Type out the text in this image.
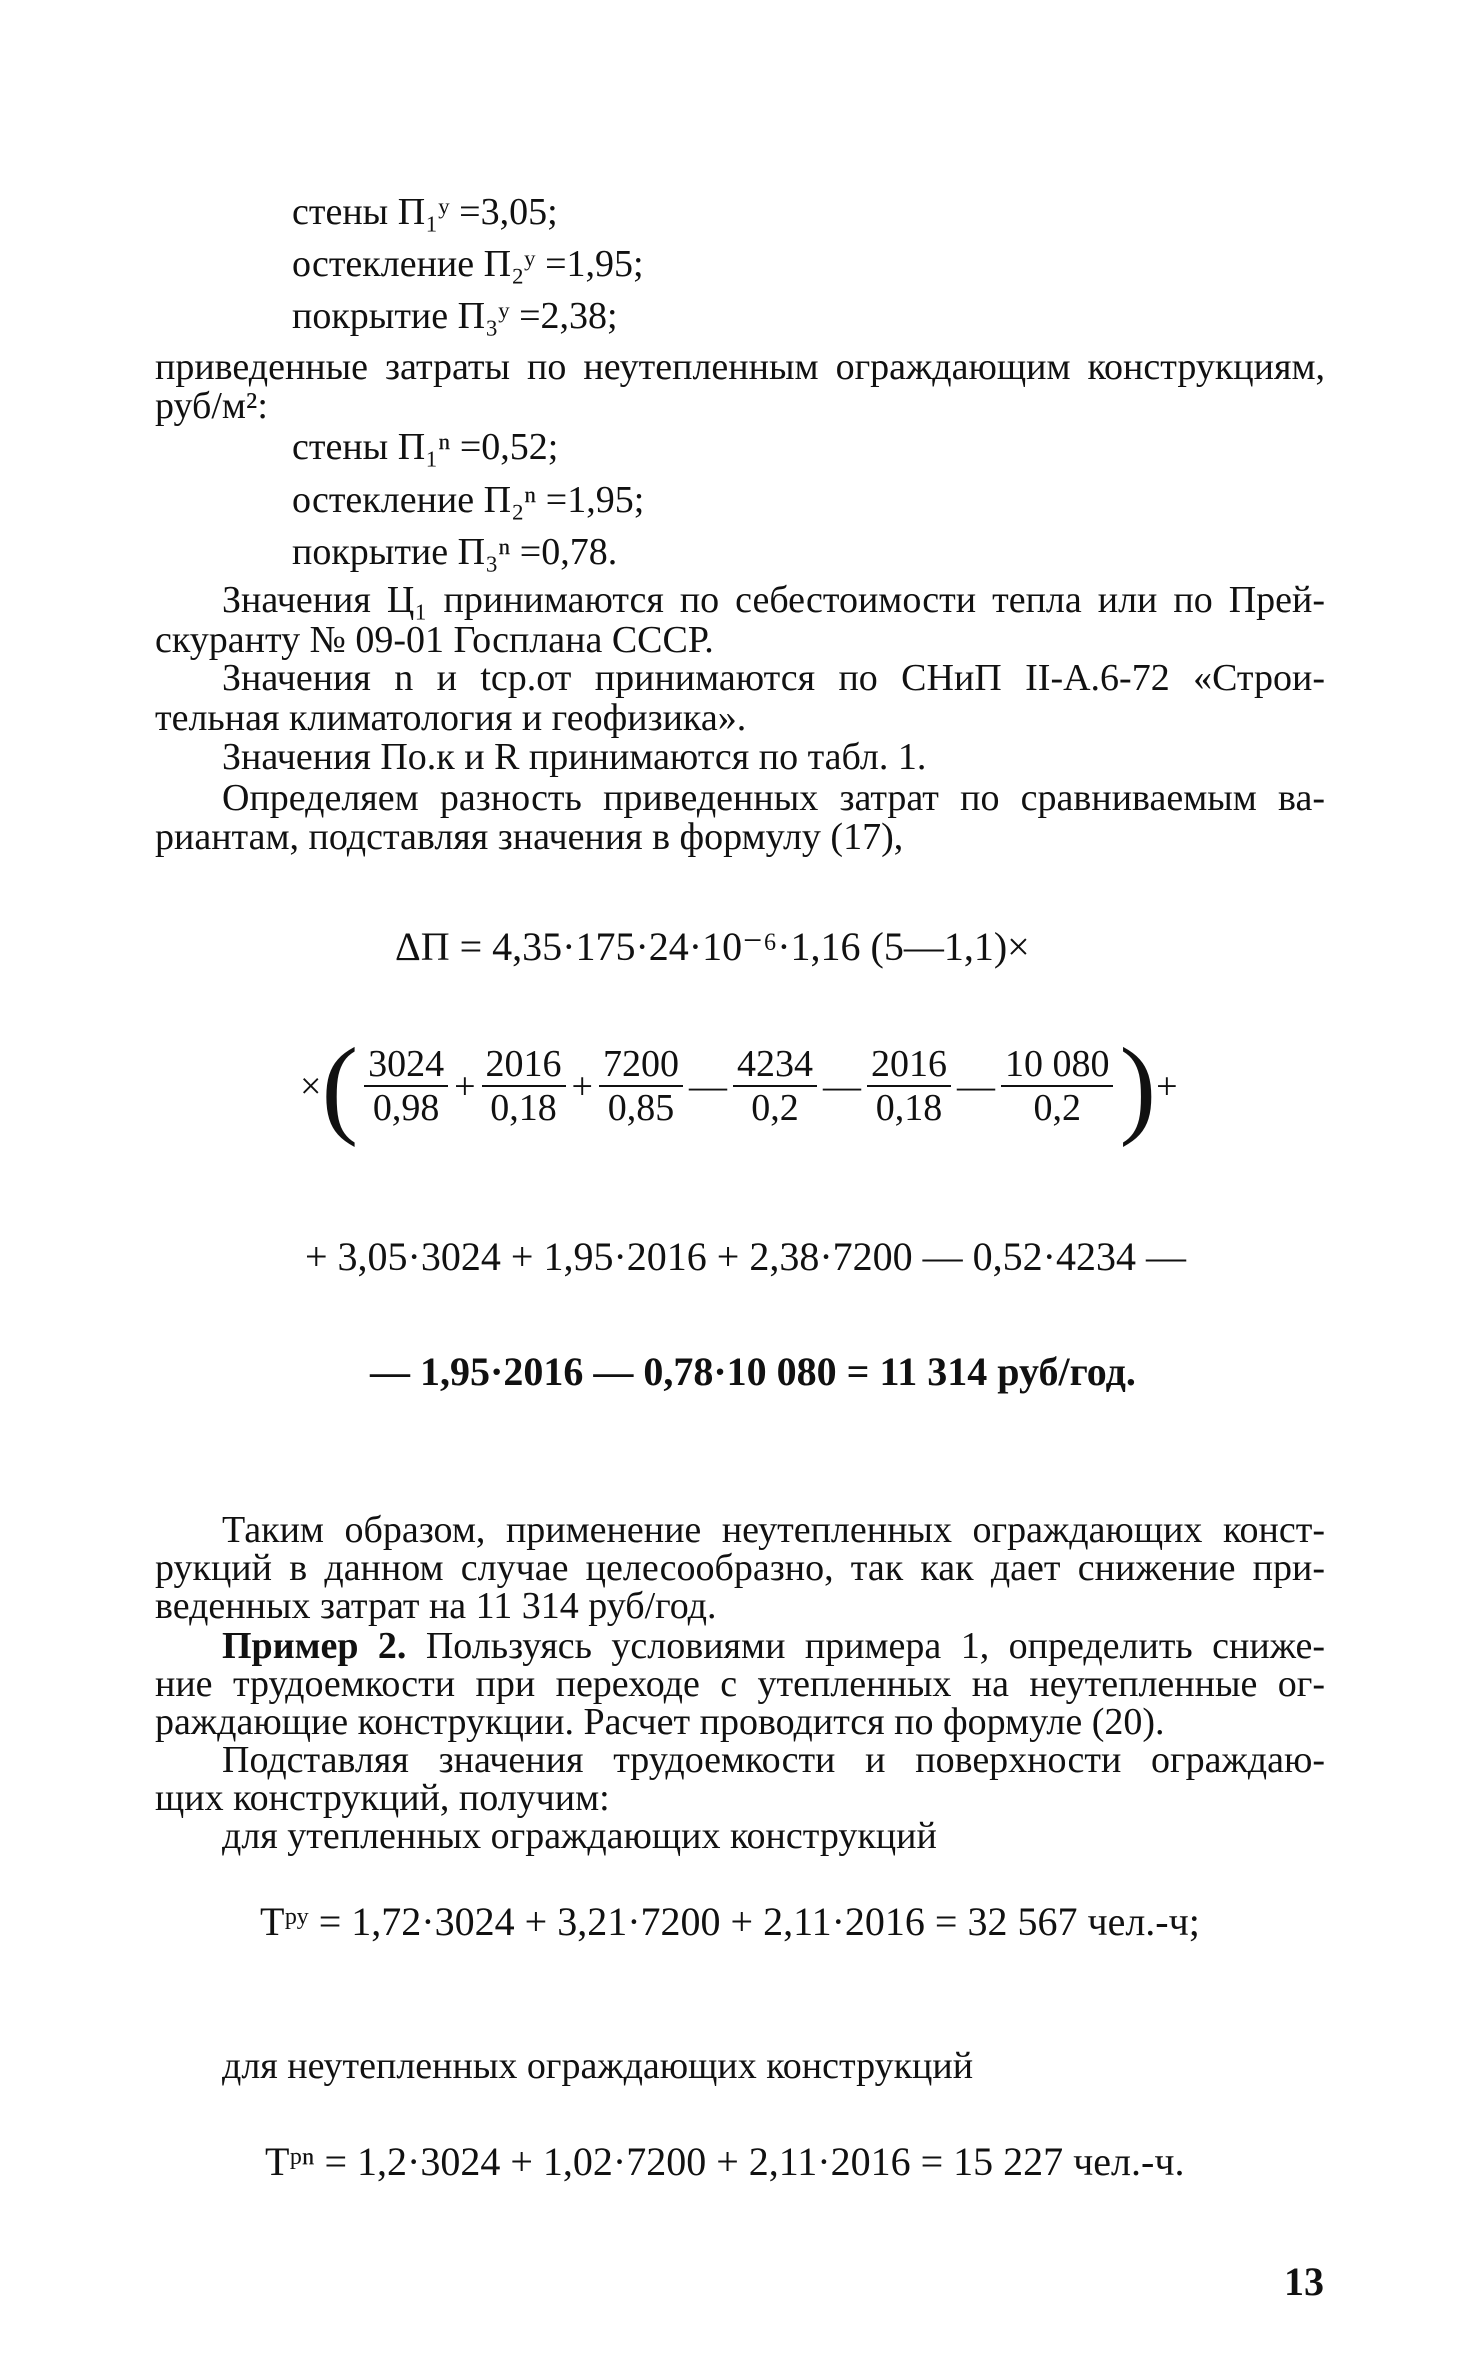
стены П₁ʸ =3,05;
остекление П₂ʸ =1,95;
покрытие П₃ʸ =2,38;
приведенные затраты по неутепленным ограждающим конструкциям,
руб/м²:
стены П₁ⁿ =0,52;
остекление П₂ⁿ =1,95;
покрытие П₃ⁿ =0,78.
Значения Ц₁ принимаются по себестоимости тепла или по Прей-
скуранту № 09-01 Госплана СССР.
Значения n и tср.от принимаются по СНиП II-А.6-72 «Строи-
тельная климатология и геофизика».
Значения По.к и R принимаются по табл. 1.
Определяем разность приведенных затрат по сравниваемым ва-
риантам, подставляя значения в формулу (17),
ΔП = 4,35·175·24·10⁻⁶·1,16 (5—1,1)×
×( $\frac{3024}{0,98} + \frac{2016}{0,18} + \frac{7200}{0,85}$ — $\frac{4234}{0,2}$ — $\frac{2016}{0,18}$ — $\frac{10 080}{0,2}$ )+
+ 3,05·3024 + 1,95·2016 + 2,38·7200 — 0,52·4234 —
— 1,95·2016 — 0,78·10 080 = 11 314 руб/год.
Таким образом, применение неутепленных ограждающих конст-
рукций в данном случае целесообразно, так как дает снижение при-
веденных затрат на 11 314 руб/год.
Пример 2. Пользуясь условиями примера 1, определить сниже-
ние трудоемкости при переходе с утепленных на неутепленные ог-
раждающие конструкции. Расчет проводится по формуле (20).
Подставляя значения трудоемкости и поверхности ограждаю-
щих конструкций, получим:
для утепленных ограждающих конструкций
Tᵖʸ = 1,72·3024 + 3,21·7200 + 2,11·2016 = 32 567 чел.-ч;
для неутепленных ограждающих конструкций
Tᵖⁿ = 1,2·3024 + 1,02·7200 + 2,11·2016 = 15 227 чел.-ч.
13
